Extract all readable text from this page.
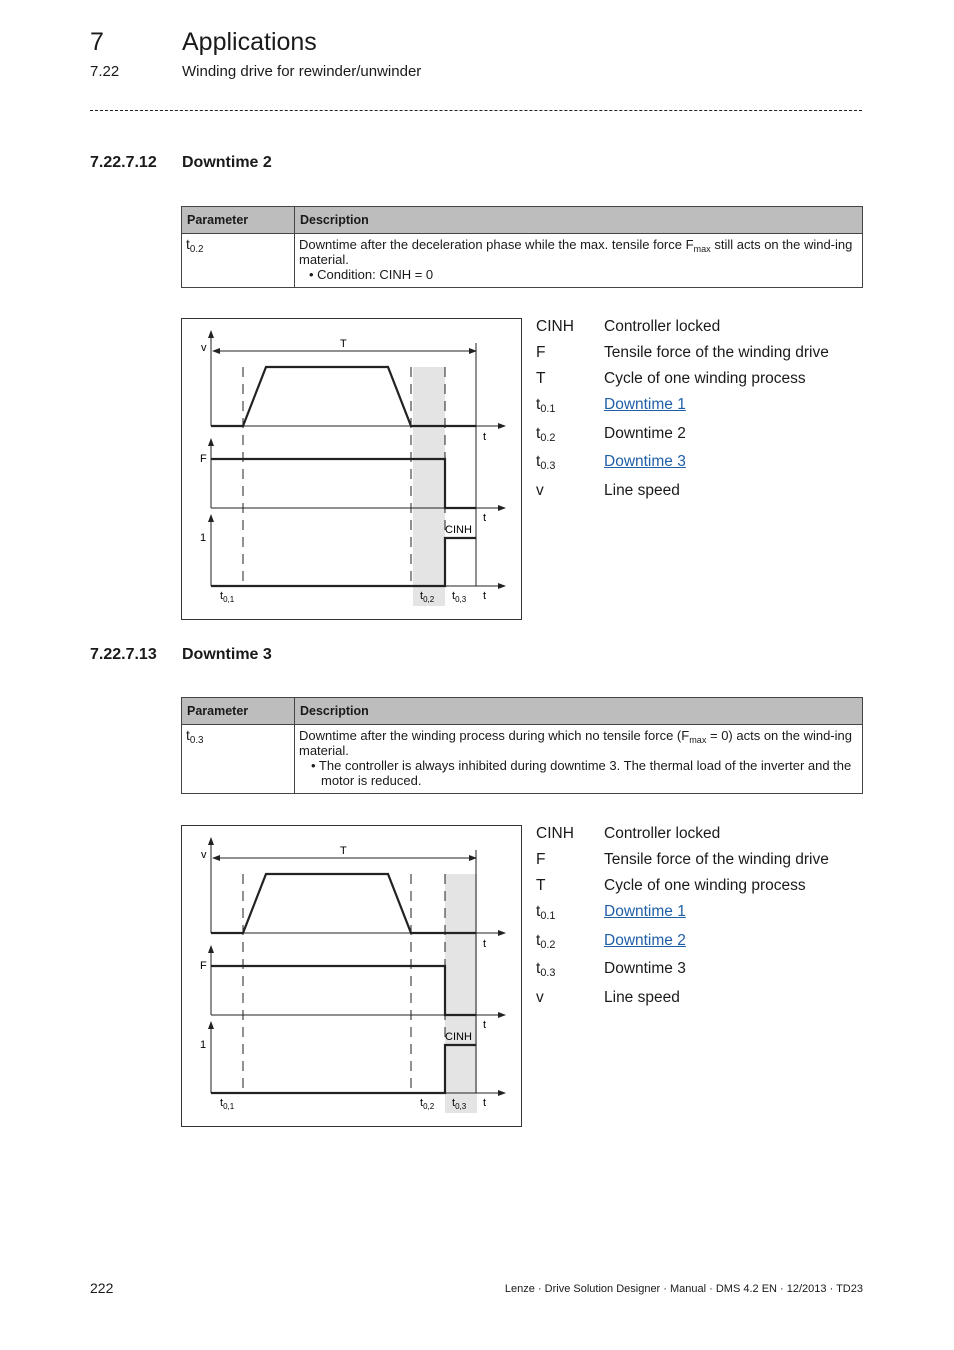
7	Applications
7.22	Winding drive for rewinder/unwinder
7.22.7.12 Downtime 2
Parameter	Description
$t_{0.2}$	Downtime after the deceleration phase while the max. tensile force $F_{max}$ still acts on the wind-ing material.
• Condition: CINH = 0
v	T
F
1
t
t
t
CINH
$t_{0,1}$	$t_{0,2}$ $t_{0,3}$
CINH Controller locked
F	Tensile force of the winding drive
T	Cycle of one winding process
$t_{0.1}$	Downtime 1
$t_{0.2}$	Downtime 2
$t_{0.3}$	Downtime 3
v	Line speed
7.22.7.13 Downtime 3
Parameter	Description
$t_{0.3}$	Downtime after the winding process during which no tensile force $(F_{max} = 0)$ acts on the wind-ing material.
• The controller is always inhibited during downtime 3. The thermal load of the inverter and the motor is reduced.
v	T
F
1
t
t
t
CINH
$t_{0,1}$	$t_{0,2}$ $t_{0,3}$
CINH Controller locked
F	Tensile force of the winding drive
T	Cycle of one winding process
$t_{0.1}$	Downtime 1
$t_{0.2}$	Downtime 2
$t_{0.3}$	Downtime 3
v	Line speed
222	Lenze · Drive Solution Designer · Manual · DMS 4.2 EN · 12/2013 · TD23
